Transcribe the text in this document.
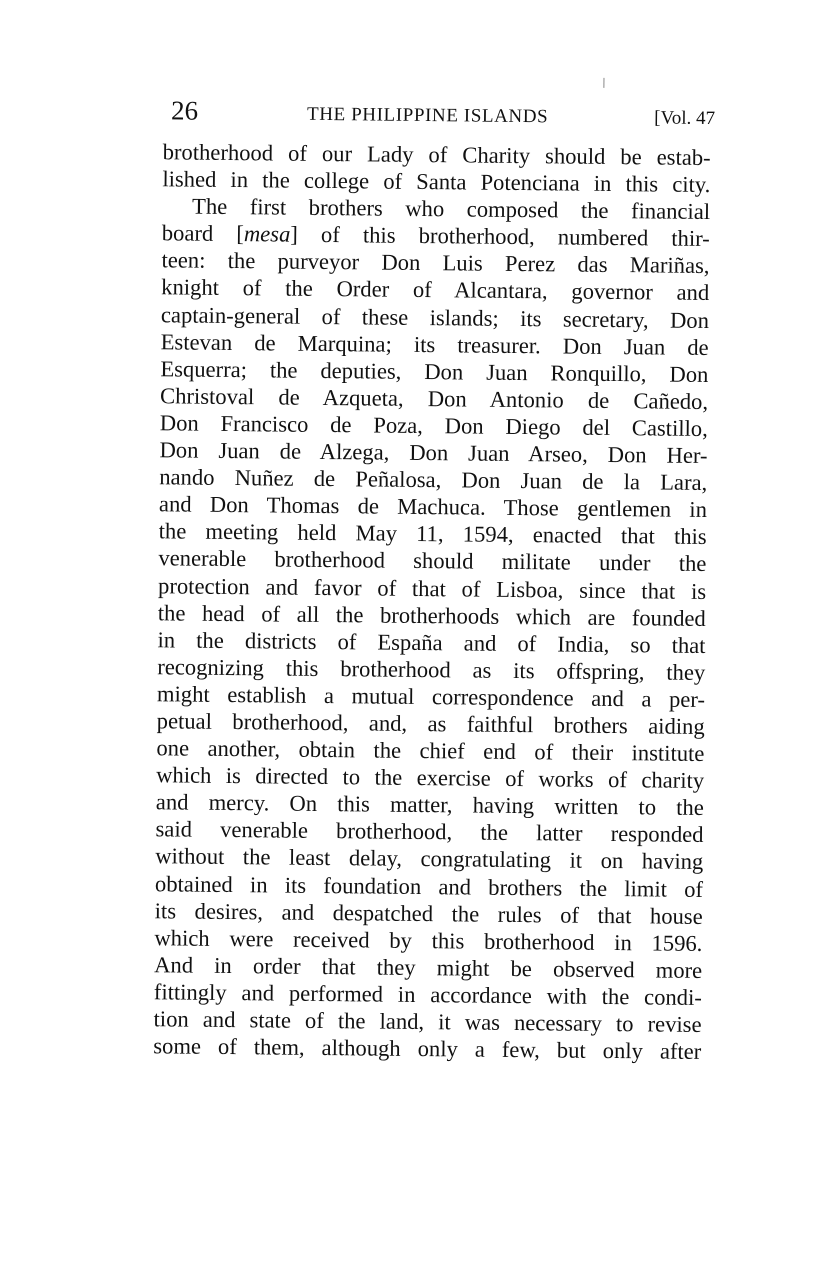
26	THE PHILIPPINE ISLANDS	[Vol. 47
brotherhood of our Lady of Charity should be estab-
lished in the college of Santa Potenciana in this city.
The first brothers who composed the financial
board [mesa] of this brotherhood, numbered thir-
teen: the purveyor Don Luis Perez das Mariñas,
knight of the Order of Alcantara, governor and
captain-general of these islands; its secretary, Don
Estevan de Marquina; its treasurer. Don Juan de
Esquerra; the deputies, Don Juan Ronquillo, Don
Christoval de Azqueta, Don Antonio de Cañedo,
Don Francisco de Poza, Don Diego del Castillo,
Don Juan de Alzega, Don Juan Arseo, Don Her-
nando Nuñez de Peñalosa, Don Juan de la Lara,
and Don Thomas de Machuca. Those gentlemen in
the meeting held May 11, 1594, enacted that this
venerable brotherhood should militate under the
protection and favor of that of Lisboa, since that is
the head of all the brotherhoods which are founded
in the districts of España and of India, so that
recognizing this brotherhood as its offspring, they
might establish a mutual correspondence and a per-
petual brotherhood, and, as faithful brothers aiding
one another, obtain the chief end of their institute
which is directed to the exercise of works of charity
and mercy. On this matter, having written to the
said venerable brotherhood, the latter responded
without the least delay, congratulating it on having
obtained in its foundation and brothers the limit of
its desires, and despatched the rules of that house
which were received by this brotherhood in 1596.
And in order that they might be observed more
fittingly and performed in accordance with the condi-
tion and state of the land, it was necessary to revise
some of them, although only a few, but only after
